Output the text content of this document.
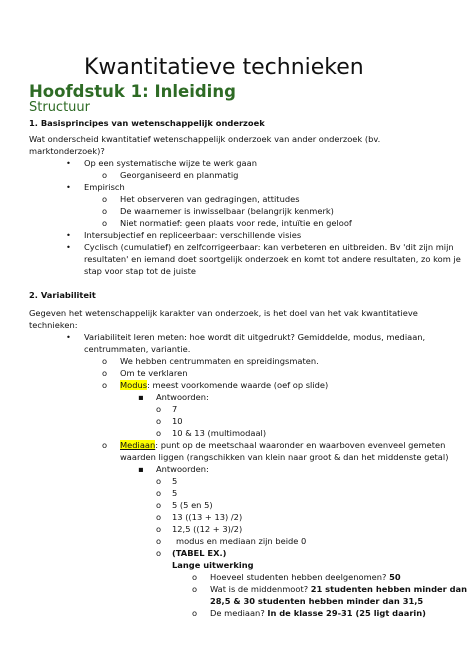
Kwantitatieve technieken
Hoofdstuk 1: Inleiding
Structuur
1. Basisprincipes van wetenschappelijk onderzoek
Wat onderscheid kwantitatief wetenschappelijk onderzoek van ander onderzoek (bv.
marktonderzoek)?
• Op een systematische wijze te werk gaan
o Georganiseerd en planmatig
• Empirisch
o Het observeren van gedragingen, attitudes
o De waarnemer is inwisselbaar (belangrijk kenmerk)
o Niet normatief: geen plaats voor rede, intuïtie en geloof
• Intersubjectief en repliceerbaar: verschillende visies
• Cyclisch (cumulatief) en zelfcorrigeerbaar: kan verbeteren en uitbreiden. Bv 'dit zijn mijn
resultaten' en iemand doet soortgelijk onderzoek en komt tot andere resultaten, zo kom je
stap voor stap tot de juiste
2. Variabiliteit
Gegeven het wetenschappelijk karakter van onderzoek, is het doel van het vak kwantitatieve
technieken:
• Variabiliteit leren meten: hoe wordt dit uitgedrukt? Gemiddelde, modus, mediaan,
centrummaten, variantie.
o We hebben centrummaten en spreidingsmaten.
o Om te verklaren
o Modus: meest voorkomende waarde (oef op slide)
▪ Antwoorden:
o 7
o 10
o 10 & 13 (multimodaal)
o Mediaan: punt op de meetschaal waaronder en waarboven evenveel gemeten
waarden liggen (rangschikken van klein naar groot & dan het middenste getal)
▪ Antwoorden:
o 5
o 5
o 5 (5 en 5)
o 13 ((13 + 13) /2)
o 12,5 ((12 + 3)/2)
o modus en mediaan zijn beide 0
o (TABEL EX.)
Lange uitwerking
o Hoeveel studenten hebben deelgenomen? 50
o Wat is de middenmoot? 21 studenten hebben minder dan
28,5 & 30 studenten hebben minder dan 31,5
o De mediaan? In de klasse 29-31 (25 ligt daarin)
